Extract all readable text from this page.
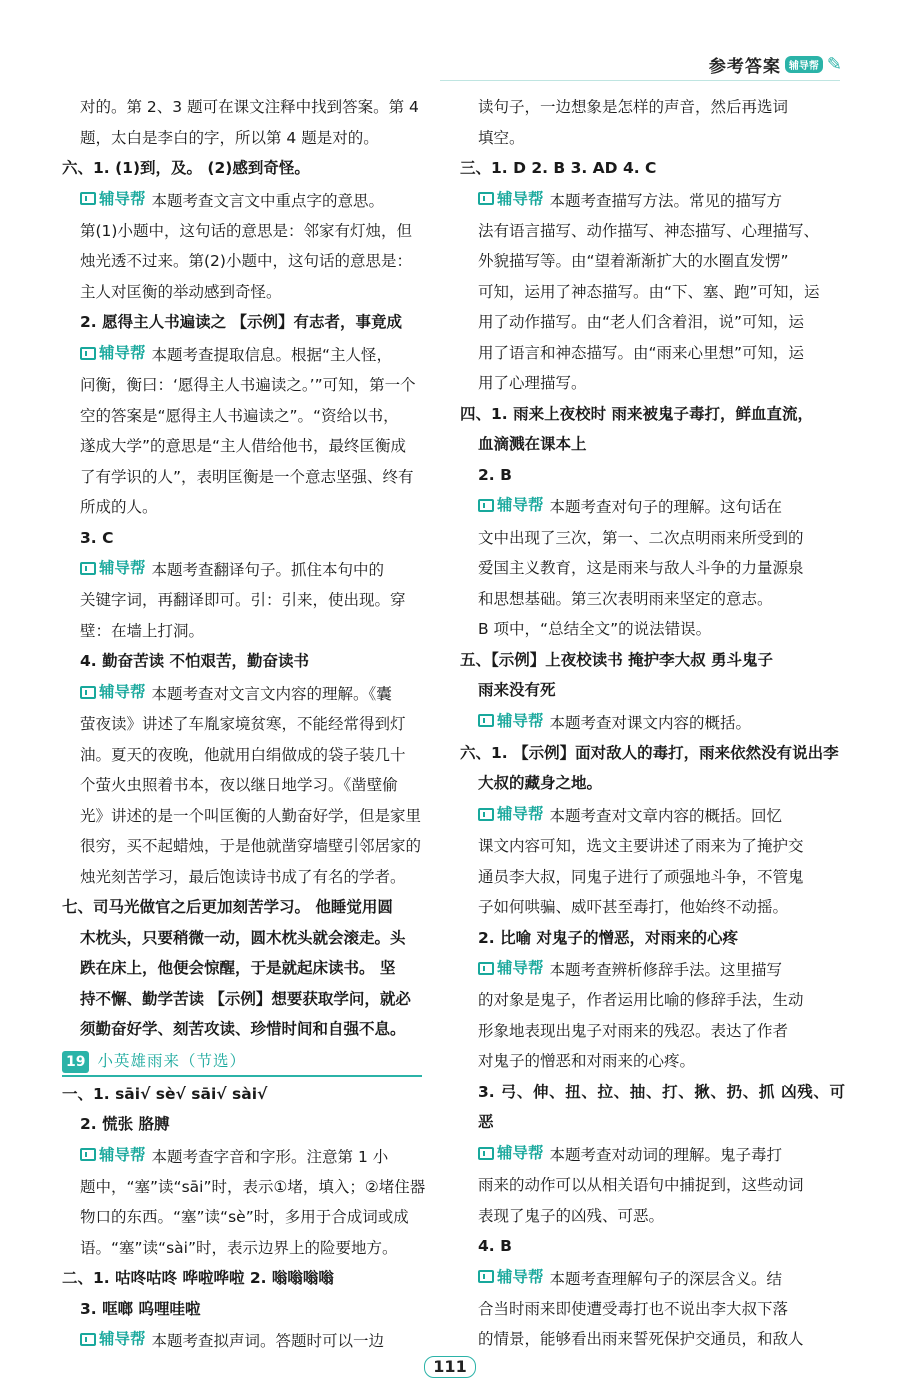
参考答案 辅导帮 ✎

对的。第 2、3 题可在课文注释中找到答案。第 4

题，太白是李白的字，所以第 4 题是对的。

六、1. (1)到，及。 (2)感到奇怪。

辅导帮 本题考查文言文中重点字的意思。

第(1)小题中，这句话的意思是：邻家有灯烛，但

烛光透不过来。第(2)小题中，这句话的意思是：

主人对匡衡的举动感到奇怪。

2. 愿得主人书遍读之 【示例】有志者，事竟成

辅导帮 本题考查提取信息。根据“主人怪，

问衡，衡曰：‘愿得主人书遍读之。’”可知，第一个

空的答案是“愿得主人书遍读之”。“资给以书，

遂成大学”的意思是“主人借给他书，最终匡衡成

了有学识的人”，表明匡衡是一个意志坚强、终有

所成的人。

3. C

辅导帮 本题考查翻译句子。抓住本句中的

关键字词，再翻译即可。引：引来，使出现。穿

壁：在墙上打洞。

4. 勤奋苦读 不怕艰苦，勤奋读书

辅导帮 本题考查对文言文内容的理解。《囊

萤夜读》讲述了车胤家境贫寒，不能经常得到灯

油。夏天的夜晚，他就用白绢做成的袋子装几十

个萤火虫照着书本，夜以继日地学习。《凿壁偷

光》讲述的是一个叫匡衡的人勤奋好学，但是家里

很穷，买不起蜡烛，于是他就凿穿墙壁引邻居家的

烛光刻苦学习，最后饱读诗书成了有名的学者。

七、司马光做官之后更加刻苦学习。 他睡觉用圆

木枕头，只要稍微一动，圆木枕头就会滚走。头

跌在床上，他便会惊醒，于是就起床读书。 坚

持不懈、勤学苦读 【示例】想要获取学问，就必

须勤奋好学、刻苦攻读、珍惜时间和自强不息。

19 小英雄雨来（节选）

一、1. sāi√ sè√ sāi√ sài√

2. 慌张 胳膊

辅导帮 本题考查字音和字形。注意第 1 小

题中，“塞”读“sāi”时，表示①堵，填入；②堵住器

物口的东西。“塞”读“sè”时，多用于合成词或成

语。“塞”读“sài”时，表示边界上的险要地方。

二、1. 咕咚咕咚 哗啦哗啦 2. 嗡嗡嗡嗡

3. 哐啷 呜哩哇啦

辅导帮 本题考查拟声词。答题时可以一边

读句子，一边想象是怎样的声音，然后再选词

填空。

三、1. D 2. B 3. AD 4. C

辅导帮 本题考查描写方法。常见的描写方

法有语言描写、动作描写、神态描写、心理描写、

外貌描写等。由“望着渐渐扩大的水圈直发愣”

可知，运用了神态描写。由“下、塞、跑”可知，运

用了动作描写。由“老人们含着泪，说”可知，运

用了语言和神态描写。由“雨来心里想”可知，运

用了心理描写。

四、1. 雨来上夜校时 雨来被鬼子毒打，鲜血直流，

血滴溅在课本上

2. B

辅导帮 本题考查对句子的理解。这句话在

文中出现了三次，第一、二次点明雨来所受到的

爱国主义教育，这是雨来与敌人斗争的力量源泉

和思想基础。第三次表明雨来坚定的意志。

B 项中，“总结全文”的说法错误。

五、【示例】上夜校读书 掩护李大叔 勇斗鬼子

雨来没有死

辅导帮 本题考查对课文内容的概括。

六、1. 【示例】面对敌人的毒打，雨来依然没有说出李

大叔的藏身之地。

辅导帮 本题考查对文章内容的概括。回忆

课文内容可知，选文主要讲述了雨来为了掩护交

通员李大叔，同鬼子进行了顽强地斗争，不管鬼

子如何哄骗、威吓甚至毒打，他始终不动摇。

2. 比喻 对鬼子的憎恶，对雨来的心疼

辅导帮 本题考查辨析修辞手法。这里描写

的对象是鬼子，作者运用比喻的修辞手法，生动

形象地表现出鬼子对雨来的残忍。表达了作者

对鬼子的憎恶和对雨来的心疼。

3. 弓、伸、扭、拉、抽、打、揪、扔、抓 凶残、可恶

辅导帮 本题考查对动词的理解。鬼子毒打

雨来的动作可以从相关语句中捕捉到，这些动词

表现了鬼子的凶残、可恶。

4. B

辅导帮 本题考查理解句子的深层含义。结

合当时雨来即使遭受毒打也不说出李大叔下落

的情景，能够看出雨来誓死保护交通员，和敌人

111
